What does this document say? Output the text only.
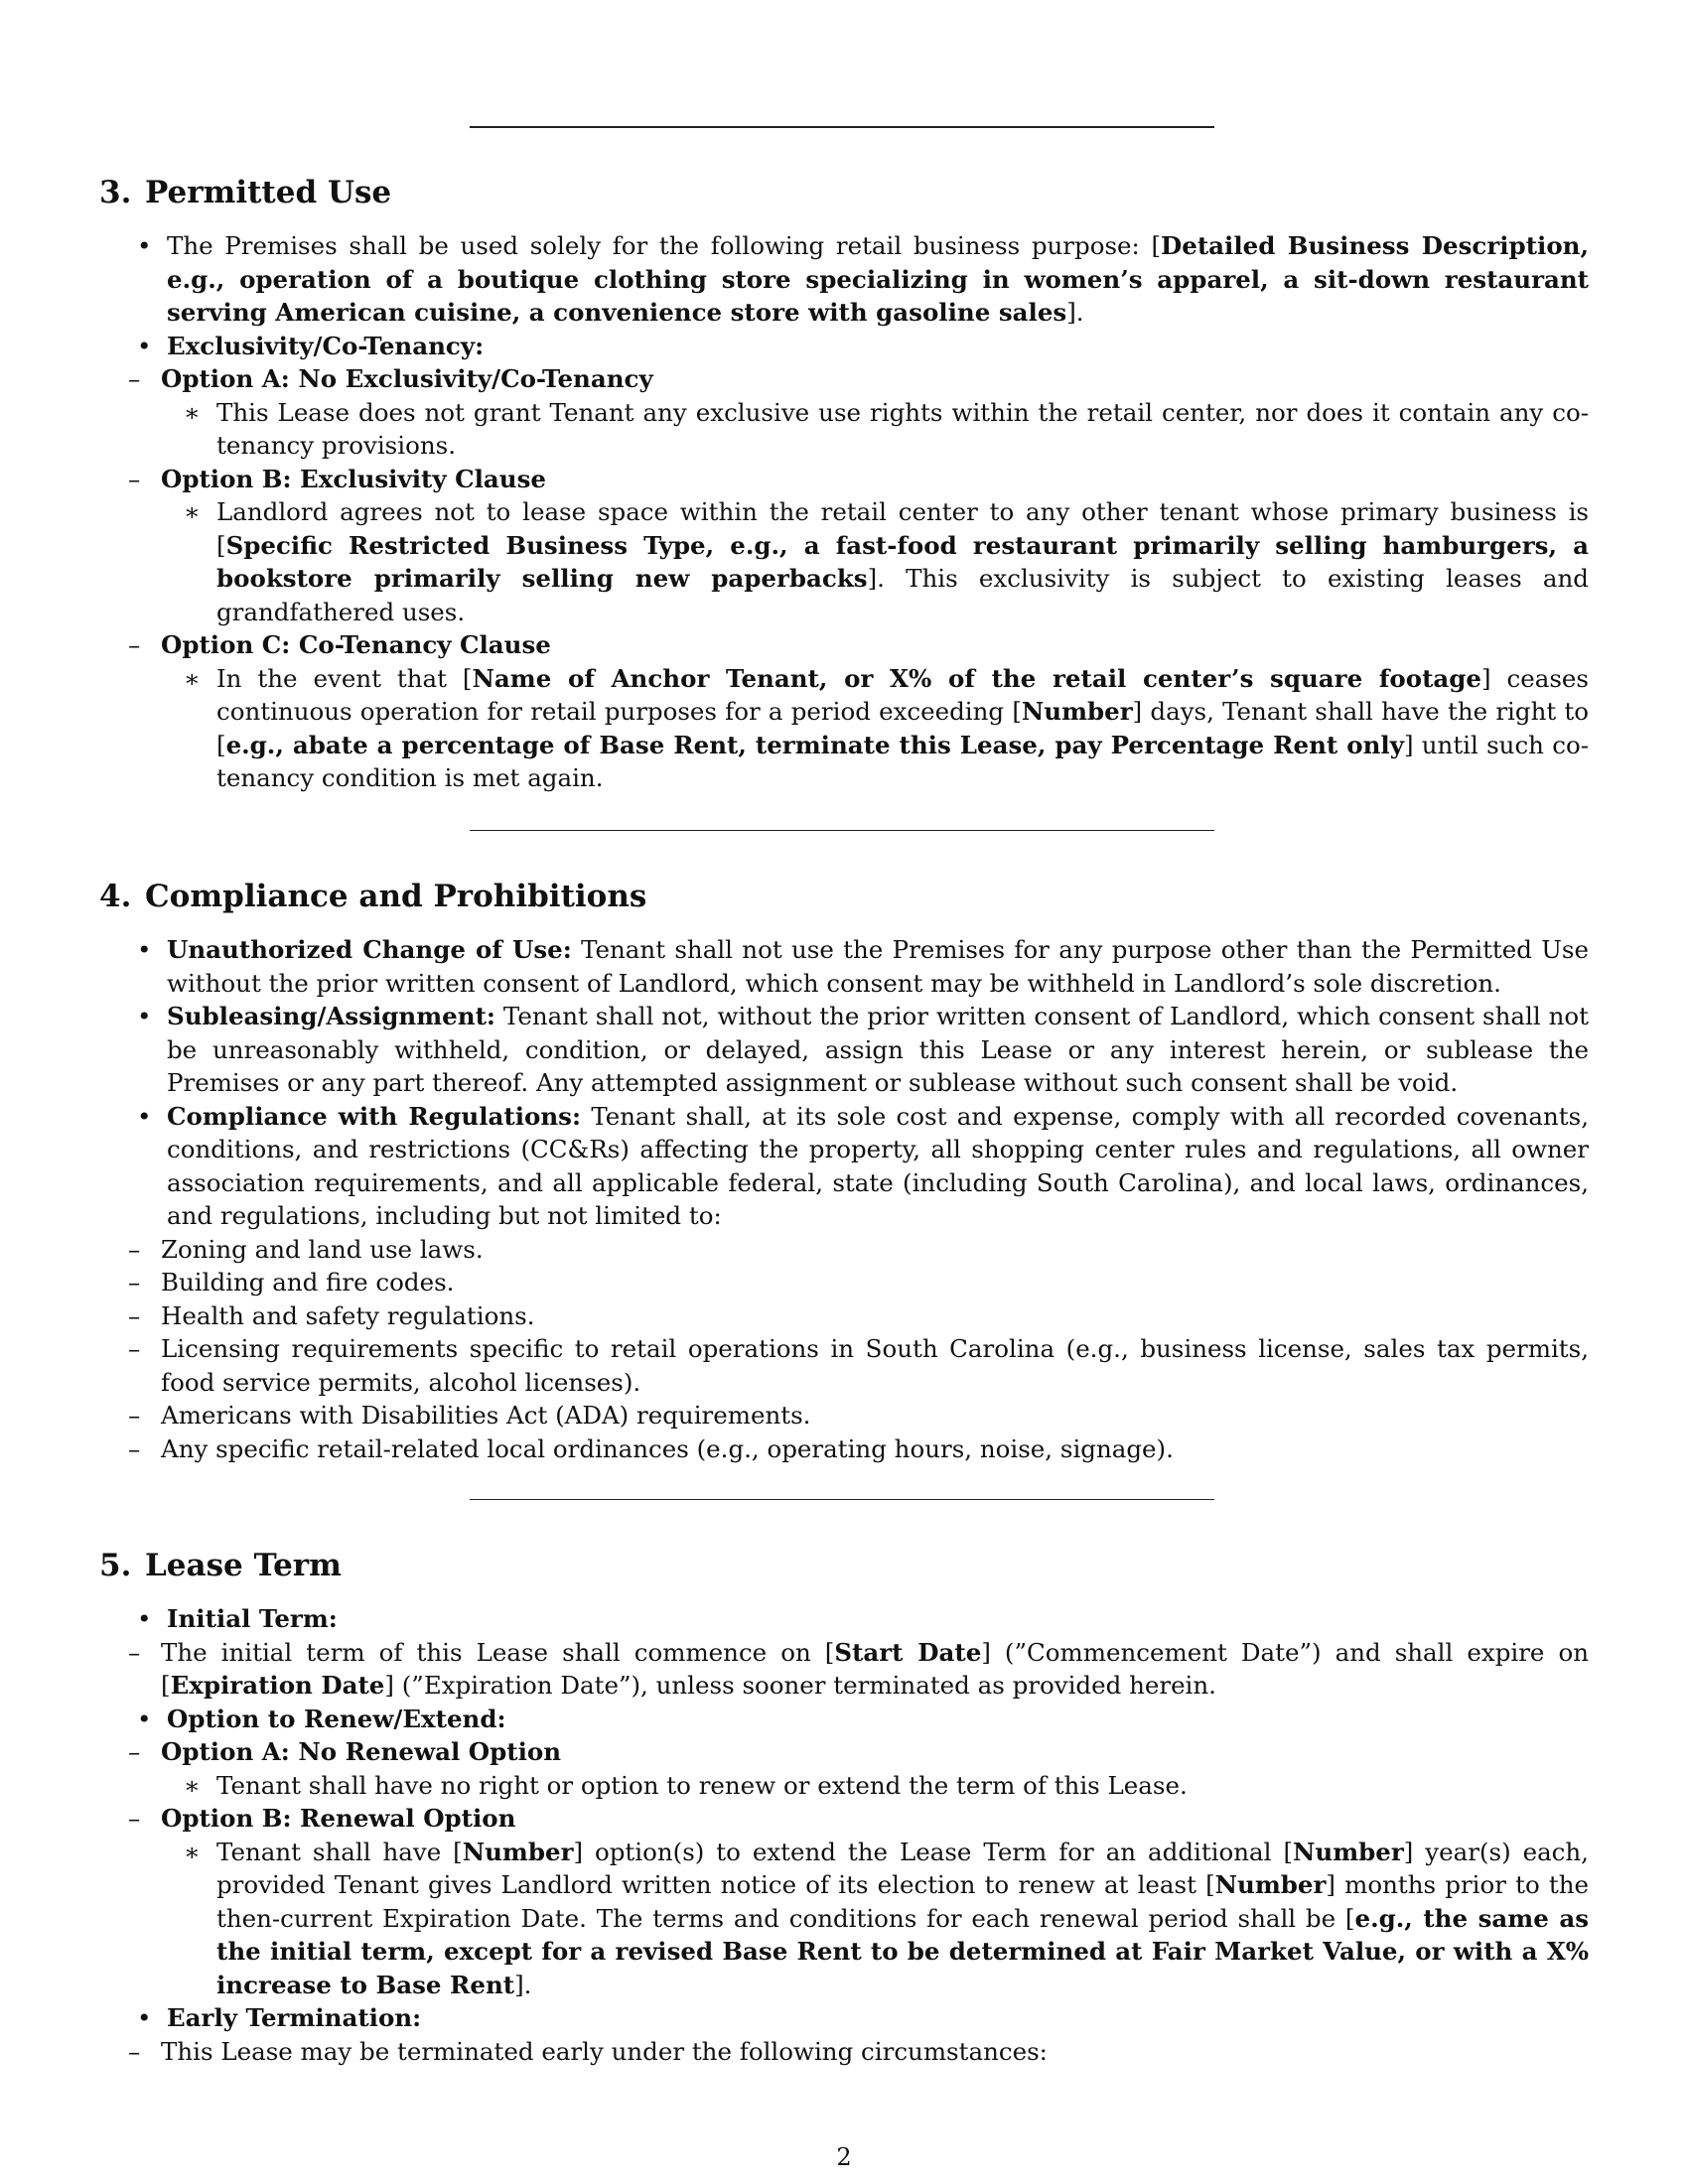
3. Permitted Use
• The Premises shall be used solely for the following retail business purpose: [Detailed Business Description, e.g., operation of a boutique clothing store specializing in women’s apparel, a sit-down restaurant serving American cuisine, a convenience store with gasoline sales].
• Exclusivity/Co-Tenancy:
– Option A: No Exclusivity/Co-Tenancy
∗ This Lease does not grant Tenant any exclusive use rights within the retail center, nor does it contain any co-tenancy provisions.
– Option B: Exclusivity Clause
∗ Landlord agrees not to lease space within the retail center to any other tenant whose primary business is [Specific Restricted Business Type, e.g., a fast-food restaurant primarily selling hamburgers, a bookstore primarily selling new paperbacks]. This exclusivity is subject to existing leases and grandfathered uses.
– Option C: Co-Tenancy Clause
∗ In the event that [Name of Anchor Tenant, or X% of the retail center’s square footage] ceases continuous operation for retail purposes for a period exceeding [Number] days, Tenant shall have the right to [e.g., abate a percentage of Base Rent, terminate this Lease, pay Percentage Rent only] until such co-tenancy condition is met again.
4. Compliance and Prohibitions
• Unauthorized Change of Use: Tenant shall not use the Premises for any purpose other than the Permitted Use without the prior written consent of Landlord, which consent may be withheld in Landlord’s sole discretion.
• Subleasing/Assignment: Tenant shall not, without the prior written consent of Landlord, which consent shall not be unreasonably withheld, condition, or delayed, assign this Lease or any interest herein, or sublease the Premises or any part thereof. Any attempted assignment or sublease without such consent shall be void.
• Compliance with Regulations: Tenant shall, at its sole cost and expense, comply with all recorded covenants, conditions, and restrictions (CC&Rs) affecting the property, all shopping center rules and regulations, all owner association requirements, and all applicable federal, state (including South Carolina), and local laws, ordinances, and regulations, including but not limited to:
– Zoning and land use laws.
– Building and fire codes.
– Health and safety regulations.
– Licensing requirements specific to retail operations in South Carolina (e.g., business license, sales tax permits, food service permits, alcohol licenses).
– Americans with Disabilities Act (ADA) requirements.
– Any specific retail-related local ordinances (e.g., operating hours, noise, signage).
5. Lease Term
• Initial Term:
– The initial term of this Lease shall commence on [Start Date] (”Commencement Date”) and shall expire on [Expiration Date] (”Expiration Date”), unless sooner terminated as provided herein.
• Option to Renew/Extend:
– Option A: No Renewal Option
∗ Tenant shall have no right or option to renew or extend the term of this Lease.
– Option B: Renewal Option
∗ Tenant shall have [Number] option(s) to extend the Lease Term for an additional [Number] year(s) each, provided Tenant gives Landlord written notice of its election to renew at least [Number] months prior to the then-current Expiration Date. The terms and conditions for each renewal period shall be [e.g., the same as the initial term, except for a revised Base Rent to be determined at Fair Market Value, or with a X% increase to Base Rent].
• Early Termination:
– This Lease may be terminated early under the following circumstances:
2
